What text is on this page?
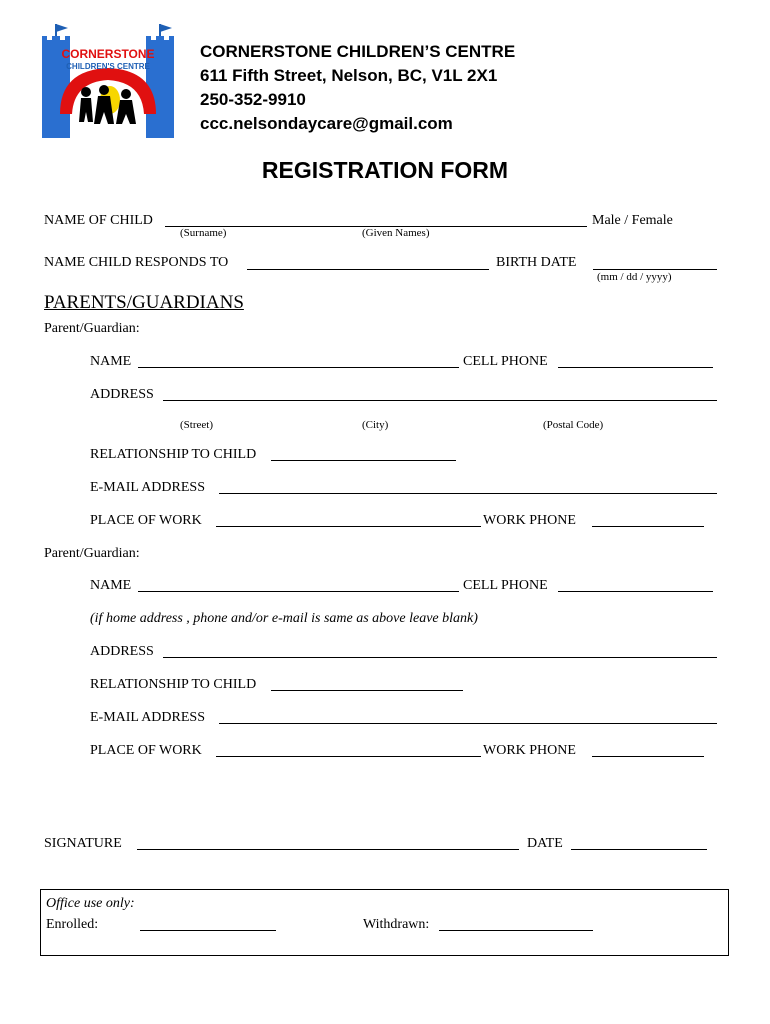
CORNERSTONE
CHILDREN'S CENTRE
CORNERSTONE CHILDREN’S CENTRE
611 Fifth Street, Nelson, BC, V1L 2X1
250-352-9910
ccc.nelsondaycare@gmail.com
REGISTRATION FORM
NAME OF CHILD
(Surname)	(Given Names)
Male / Female
NAME CHILD RESPONDS TO	BIRTH DATE
(mm / dd / yyyy)
PARENTS/GUARDIANS
Parent/Guardian:
NAME	CELL PHONE
ADDRESS
(Street)	(City)	(Postal Code)
RELATIONSHIP TO CHILD
E-MAIL ADDRESS
PLACE OF WORK	WORK PHONE
Parent/Guardian:
NAME	CELL PHONE
(if home address , phone and/or e-mail is same as above leave blank)
ADDRESS
RELATIONSHIP TO CHILD
E-MAIL ADDRESS
PLACE OF WORK	WORK PHONE
SIGNATURE	DATE
Office use only:
Enrolled:	Withdrawn:
